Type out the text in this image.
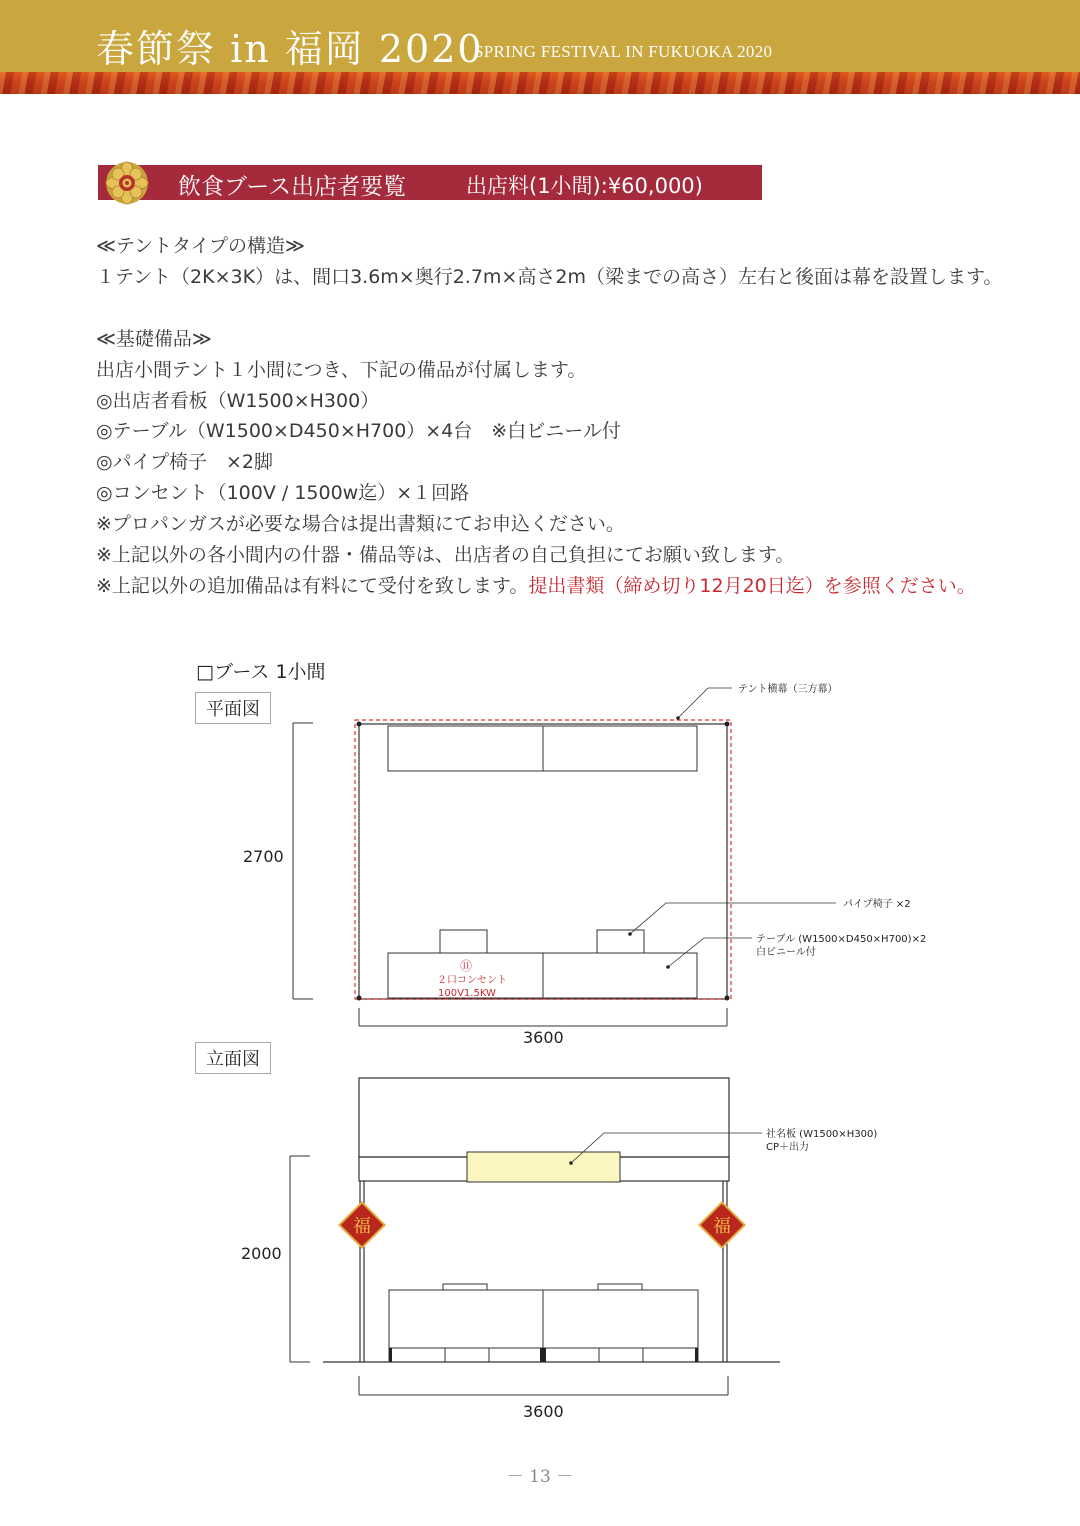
春節祭 in 福岡 2020
SPRING FESTIVAL IN FUKUOKA 2020
飲食ブース出店者要覧	出店料(1小間):¥60,000)
≪テントタイプの構造≫
１テント（2K×3K）は、間口3.6m×奥行2.7m×高さ2m（梁までの高さ）左右と後面は幕を設置します。
≪基礎備品≫
出店小間テント１小間につき、下記の備品が付属します。
◎出店者看板（W1500×H300）
◎テーブル（W1500×D450×H700）×4台　※白ビニール付
◎パイプ椅子　×2脚
◎コンセント（100V / 1500w迄）×１回路
※プロパンガスが必要な場合は提出書類にてお申込ください。
※上記以外の各小間内の什器・備品等は、出店者の自己負担にてお願い致します。
※上記以外の追加備品は有料にて受付を致します。提出書類（締め切り12月20日迄）を参照ください。
□ブース 1小間
平面図
立面図
2700
3600
テント横幕（三方幕）
パイプ椅子 ×2
テーブル (W1500×D450×H700)×2
白ビニール付
⑪
２口コンセント
100V1.5KW
福	福
2000
3600
社名板 (W1500×H300)
CP＋出力
－ 13 －
